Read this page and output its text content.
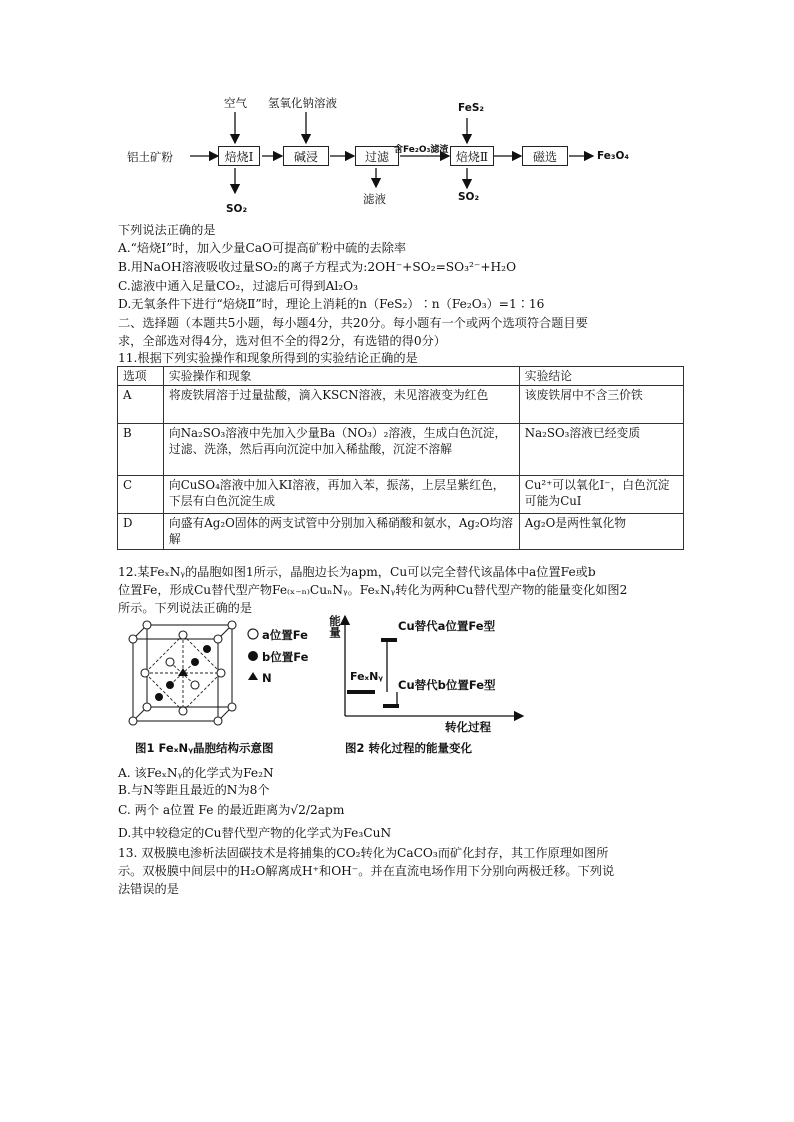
铝土矿粉	焙烧Ⅰ	碱浸	过滤	焙烧Ⅱ	磁选
空气 氢氧化钠溶液	FeS₂
SO₂
滤液	SO₂
Fe₃O₄
含Fe₂O₃滤渣
下列说法正确的是
A.“焙烧Ⅰ”时，加入少量CaO可提高矿粉中硫的去除率
B.用NaOH溶液吸收过量SO₂的离子方程式为:2OH⁻+SO₂=SO₃²⁻+H₂O
C.滤液中通入足量CO₂，过滤后可得到Al₂O₃
D.无氧条件下进行“焙烧Ⅱ”时，理论上消耗的n（FeS₂）∶n（Fe₂O₃）=1∶16
二、选择题（本题共5小题，每小题4分，共20分。每小题有一个或两个选项符合题目要
求，全部选对得4分，选对但不全的得2分，有选错的得0分）
11.根据下列实验操作和现象所得到的实验结论正确的是
选项	实验操作和现象	实验结论
A	将废铁屑溶于过量盐酸，滴入KSCN溶液，未见溶液变为红色	该废铁屑中不含三价铁
B	向Na₂SO₃溶液中先加入少量Ba（NO₃）₂溶液，生成白色沉淀，过滤、洗涤，然后再向沉淀中加入稀盐酸，沉淀不溶解	Na₂SO₃溶液已经变质
C	向CuSO₄溶液中加入KI溶液，再加入苯，振荡，上层呈紫红色，下层有白色沉淀生成	Cu²⁺可以氧化I⁻，白色沉淀可能为CuI
D	向盛有Ag₂O固体的两支试管中分别加入稀硝酸和氨水，Ag₂O均溶解	Ag₂O是两性氧化物
12.某FeₓNᵧ的晶胞如图1所示，晶胞边长为apm，Cu可以完全替代该晶体中a位置Fe或b
位置Fe，形成Cu替代型产物Fe₍ₓ₋ₙ₎CuₙNᵧ。FeₓNᵧ转化为两种Cu替代型产物的能量变化如图2
所示。下列说法正确的是
a位置Fe
b位置Fe
N
能量
转化过程
FeₓNᵧ
Cu替代a位置Fe型
Cu替代b位置Fe型
图1 FeₓNᵧ晶胞结构示意图	图2 转化过程的能量变化
A. 该FeₓNᵧ的化学式为Fe₂N
B.与N等距且最近的N为8个
C. 两个 a位置 Fe 的最近距离为√2/2apm
D.其中较稳定的Cu替代型产物的化学式为Fe₃CuN
13. 双极膜电渗析法固碳技术是将捕集的CO₂转化为CaCO₃而矿化封存，其工作原理如图所
示。双极膜中间层中的H₂O解离成H⁺和OH⁻。并在直流电场作用下分别向两极迁移。下列说
法错误的是
